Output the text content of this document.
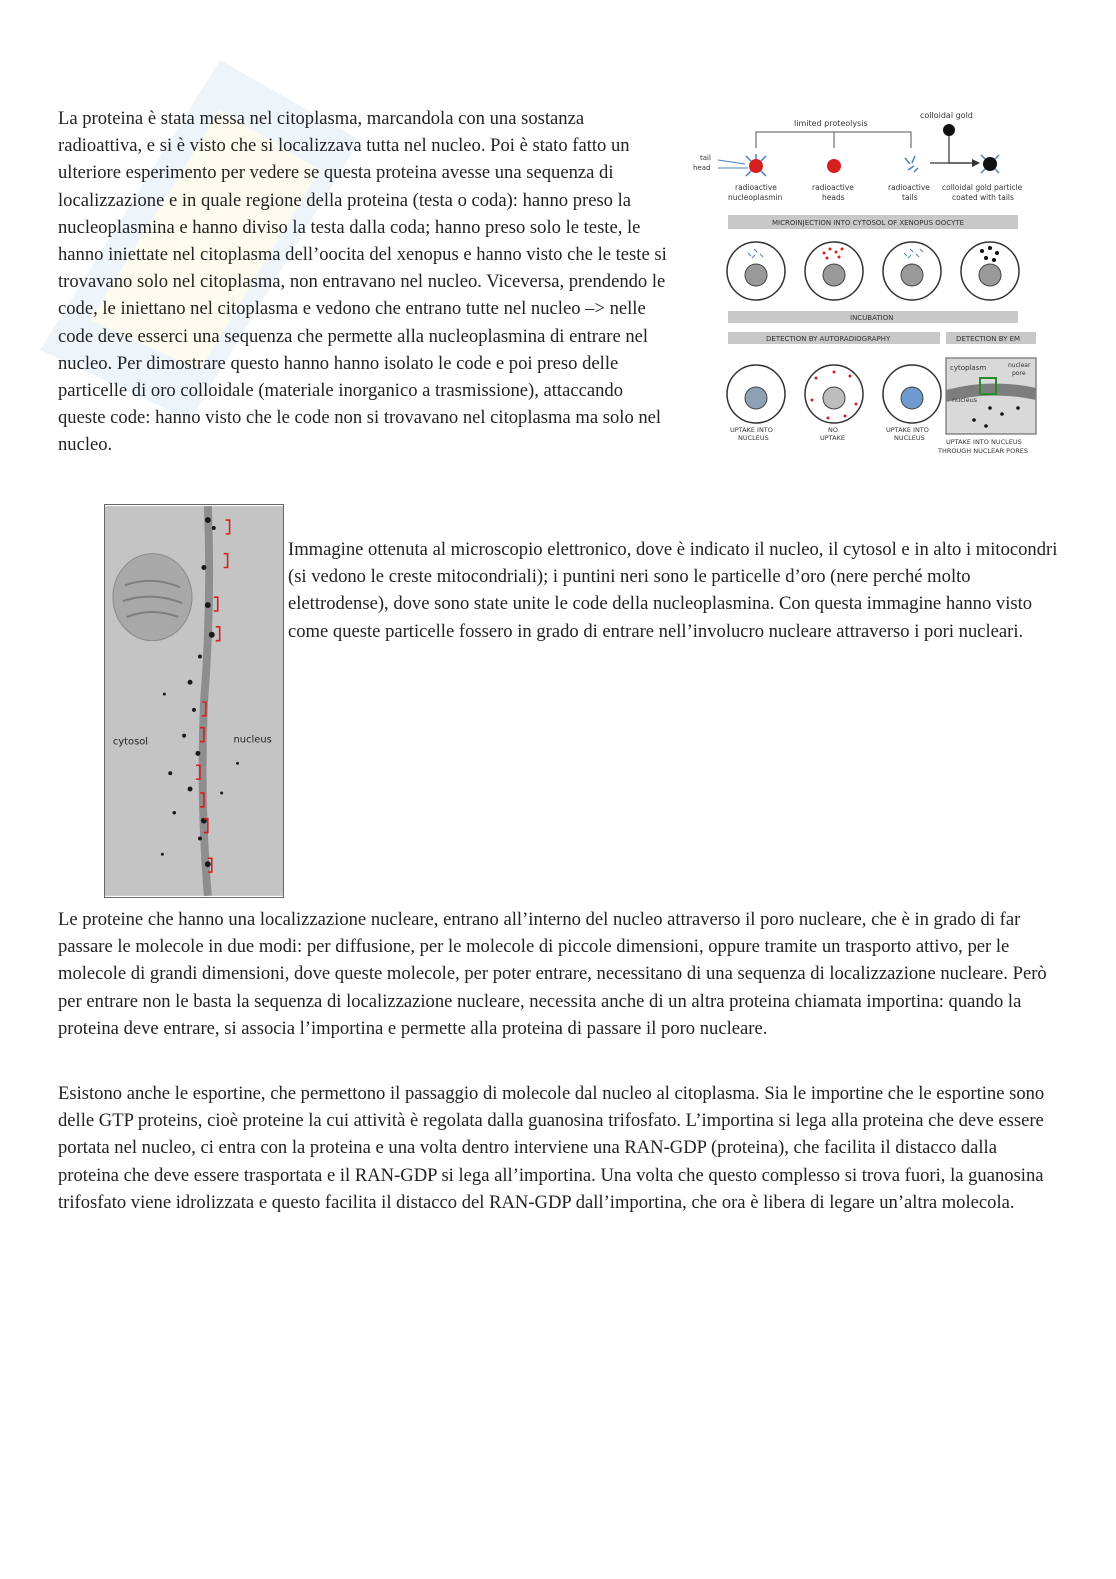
La proteina è stata messa nel citoplasma, marcandola con una sostanza radioattiva, e si è visto che si localizzava tutta nel nucleo. Poi è stato fatto un ulteriore esperimento per vedere se questa proteina avesse una sequenza di localizzazione e in quale regione della proteina (testa o coda): hanno preso la nucleoplasmina e hanno diviso la testa dalla coda; hanno preso solo le teste, le hanno iniettate nel citoplasma dell’oocita del xenopus e hanno visto che le teste si trovavano solo nel citoplasma, non entravano nel nucleo. Viceversa, prendendo le code, le iniettano nel citoplasma e vedono che entrano tutte nel nucleo –> nelle code deve esserci una sequenza che permette alla nucleoplasmina di entrare nel nucleo. Per dimostrare questo hanno hanno isolato le code e poi preso delle particelle di oro colloidale (materiale inorganico a trasmissione), attaccando queste code: hanno visto che le code non si trovavano nel citoplasma ma solo nel nucleo.

limited proteolysis
colloidal gold
tail
head
radioactive
nucleoplasmin
radioactive
heads
radioactive
tails
colloidal gold particle
coated with tails
MICROINJECTION INTO CYTOSOL OF XENOPUS OOCYTE
INCUBATION
DETECTION BY AUTORADIOGRAPHY	DETECTION BY EM
cytoplasm	nuclear
pore
nucleus
UPTAKE INTO
NUCLEUS
NO
UPTAKE
UPTAKE INTO
NUCLEUS	UPTAKE INTO NUCLEUS
THROUGH NUCLEAR PORES
cytosol	nucleus

Immagine ottenuta al microscopio elettronico, dove è indicato il nucleo, il cytosol e in alto i mitocondri (si vedono le creste mitocondriali); i puntini neri sono le particelle d’oro (nere perché molto elettrodense), dove sono state unite le code della nucleoplasmina. Con questa immagine hanno visto come queste particelle fossero in grado di entrare nell’involucro nucleare attraverso i pori nucleari.

Le proteine che hanno una localizzazione nucleare, entrano all’interno del nucleo attraverso il poro nucleare, che è in grado di far passare le molecole in due modi: per diffusione, per le molecole di piccole dimensioni, oppure tramite un trasporto attivo, per le molecole di grandi dimensioni, dove queste molecole, per poter entrare, necessitano di una sequenza di localizzazione nucleare. Però per entrare non le basta la sequenza di localizzazione nucleare, necessita anche di un altra proteina chiamata importina: quando la proteina deve entrare, si associa l’importina e permette alla proteina di passare il poro nucleare.

Esistono anche le esportine, che permettono il passaggio di molecole dal nucleo al citoplasma. Sia le importine che le esportine sono delle GTP proteins, cioè proteine la cui attività è regolata dalla guanosina trifosfato. L’importina si lega alla proteina che deve essere portata nel nucleo, ci entra con la proteina e una volta dentro interviene una RAN-GDP (proteina), che facilita il distacco dalla proteina che deve essere trasportata e il RAN-GDP si lega all’importina. Una volta che questo complesso si trova fuori, la guanosina trifosfato viene idrolizzata e questo facilita il distacco del RAN-GDP dall’importina, che ora è libera di legare un’altra molecola.
